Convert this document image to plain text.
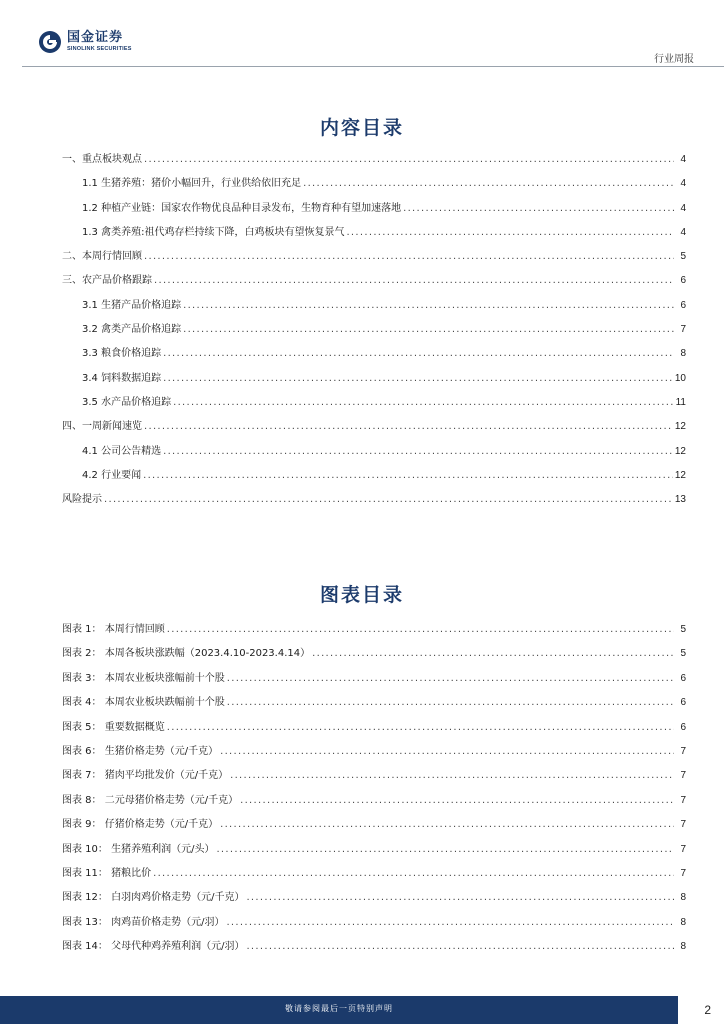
国金证券
SINOLINK SECURITIES
行业周报
内容目录
一、重点板块观点 .....	4
1.1 生猪养殖：猪价小幅回升，行业供给依旧充足 .....	4
1.2 种植产业链：国家农作物优良品种目录发布，生物育种有望加速落地 .....	4
1.3 禽类养殖:祖代鸡存栏持续下降，白鸡板块有望恢复景气 .....	4
二、本周行情回顾 .....	5
三、农产品价格跟踪 .....	6
3.1 生猪产品价格追踪 .....	6
3.2 禽类产品价格追踪 .....	7
3.3 粮食价格追踪 .....	8
3.4 饲料数据追踪 .....	10
3.5 水产品价格追踪 .....	11
四、一周新闻速览 .....	12
4.1 公司公告精选 .....	12
4.2 行业要闻 .....	12
风险提示 .....	13
图表目录
图表 1： 本周行情回顾 .....	5
图表 2： 本周各板块涨跌幅（2023.4.10-2023.4.14） .....	5
图表 3： 本周农业板块涨幅前十个股 .....	6
图表 4： 本周农业板块跌幅前十个股 .....	6
图表 5： 重要数据概览 .....	6
图表 6： 生猪价格走势（元/千克） .....	7
图表 7： 猪肉平均批发价（元/千克） .....	7
图表 8： 二元母猪价格走势（元/千克） .....	7
图表 9： 仔猪价格走势（元/千克） .....	7
图表 10： 生猪养殖利润（元/头） .....	7
图表 11： 猪粮比价 .....	7
图表 12： 白羽肉鸡价格走势（元/千克） .....	8
图表 13： 肉鸡苗价格走势（元/羽） .....	8
图表 14： 父母代种鸡养殖利润（元/羽） .....	8
敬请参阅最后一页特别声明	2
